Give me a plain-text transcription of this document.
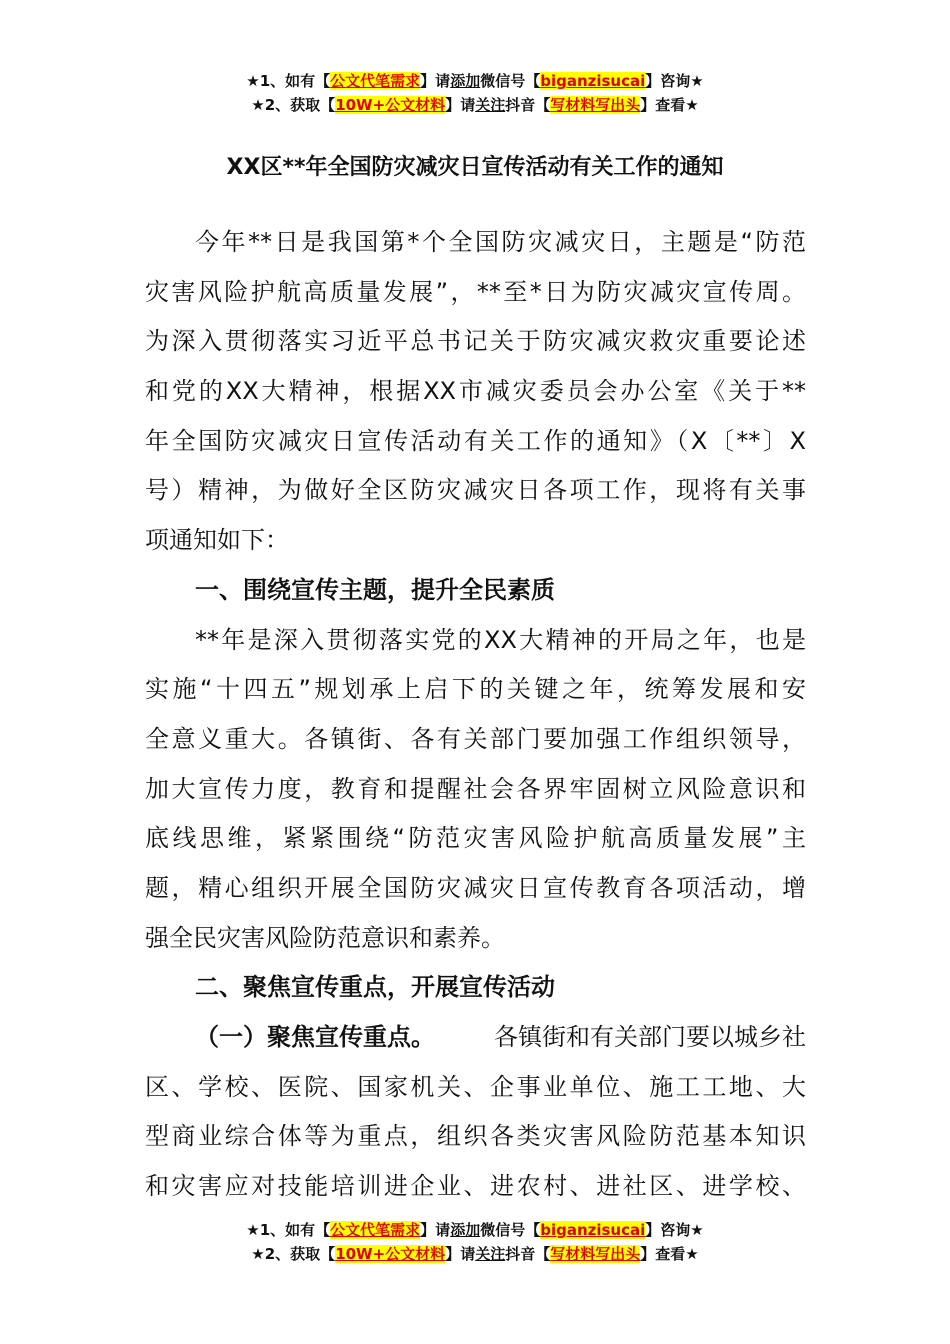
★1、如有【公文代笔需求】请添加微信号【biganzisucai】咨询★
★2、获取【10W+公文材料】请关注抖音【写材料写出头】查看★
XX区**年全国防灾减灾日宣传活动有关工作的通知
今年**日是我国第*个全国防灾减灾日，主题是“防范
灾害风险护航高质量发展”，**至*日为防灾减灾宣传周。
为深入贯彻落实习近平总书记关于防灾减灾救灾重要论述
和党的XX大精神，根据XX市减灾委员会办公室《关于**
年全国防灾减灾日宣传活动有关工作的通知》（X〔**〕X
号）精神，为做好全区防灾减灾日各项工作，现将有关事
项通知如下：
一、围绕宣传主题，提升全民素质
**年是深入贯彻落实党的XX大精神的开局之年，也是
实施“十四五”规划承上启下的关键之年，统筹发展和安
全意义重大。各镇街、各有关部门要加强工作组织领导，
加大宣传力度，教育和提醒社会各界牢固树立风险意识和
底线思维，紧紧围绕“防范灾害风险护航高质量发展”主
题，精心组织开展全国防灾减灾日宣传教育各项活动，增
强全民灾害风险防范意识和素养。
二、聚焦宣传重点，开展宣传活动
（一）聚焦宣传重点。 各镇街和有关部门要以城乡社
区、学校、医院、国家机关、企事业单位、施工工地、大
型商业综合体等为重点，组织各类灾害风险防范基本知识
和灾害应对技能培训进企业、进农村、进社区、进学校、
★1、如有【公文代笔需求】请添加微信号【biganzisucai】咨询★
★2、获取【10W+公文材料】请关注抖音【写材料写出头】查看★
